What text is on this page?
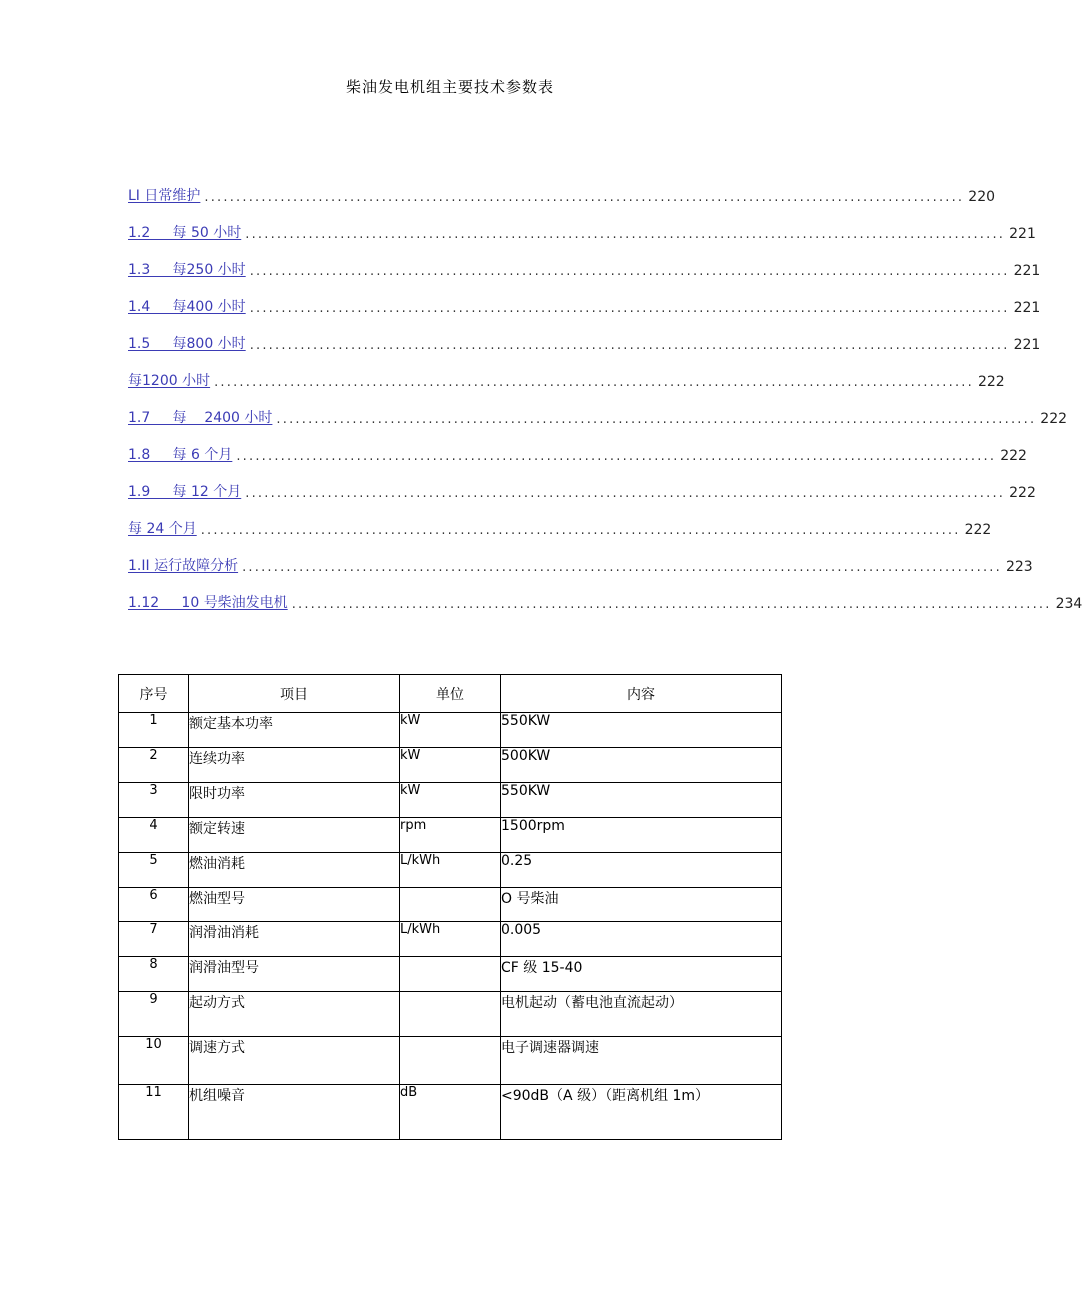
柴油发电机组主要技术参数表
LI 日常维护 ........................................................................................................................ 220
1.2     每 50 小时 ........................................................................................................................ 221
1.3     每250 小时 ........................................................................................................................ 221
1.4     每400 小时 ........................................................................................................................ 221
1.5     每800 小时 ........................................................................................................................ 221
每1200 小时 ........................................................................................................................ 222
1.7     每    2400 小时 ........................................................................................................................ 222
1.8     每 6 个月 ........................................................................................................................ 222
1.9     每 12 个月 ........................................................................................................................ 222
每 24 个月 ........................................................................................................................ 222
1.II 运行故障分析 ........................................................................................................................ 223
1.12     10 号柴油发电机 ........................................................................................................................ 234
序号	项目	单位	内容
1	额定基本功率	kW	550KW
2	连续功率	kW	500KW
3	限时功率	kW	550KW
4	额定转速	rpm	1500rpm
5	燃油消耗	L/kWh	0.25
6	燃油型号		O 号柴油
7	润滑油消耗	L/kWh	0.005
8	润滑油型号		CF 级 15-40
9	起动方式		电机起动（蓄电池直流起动）
10	调速方式		电子调速器调速
11	机组噪音	dB	<90dB（A 级）（距离机组 1m）
